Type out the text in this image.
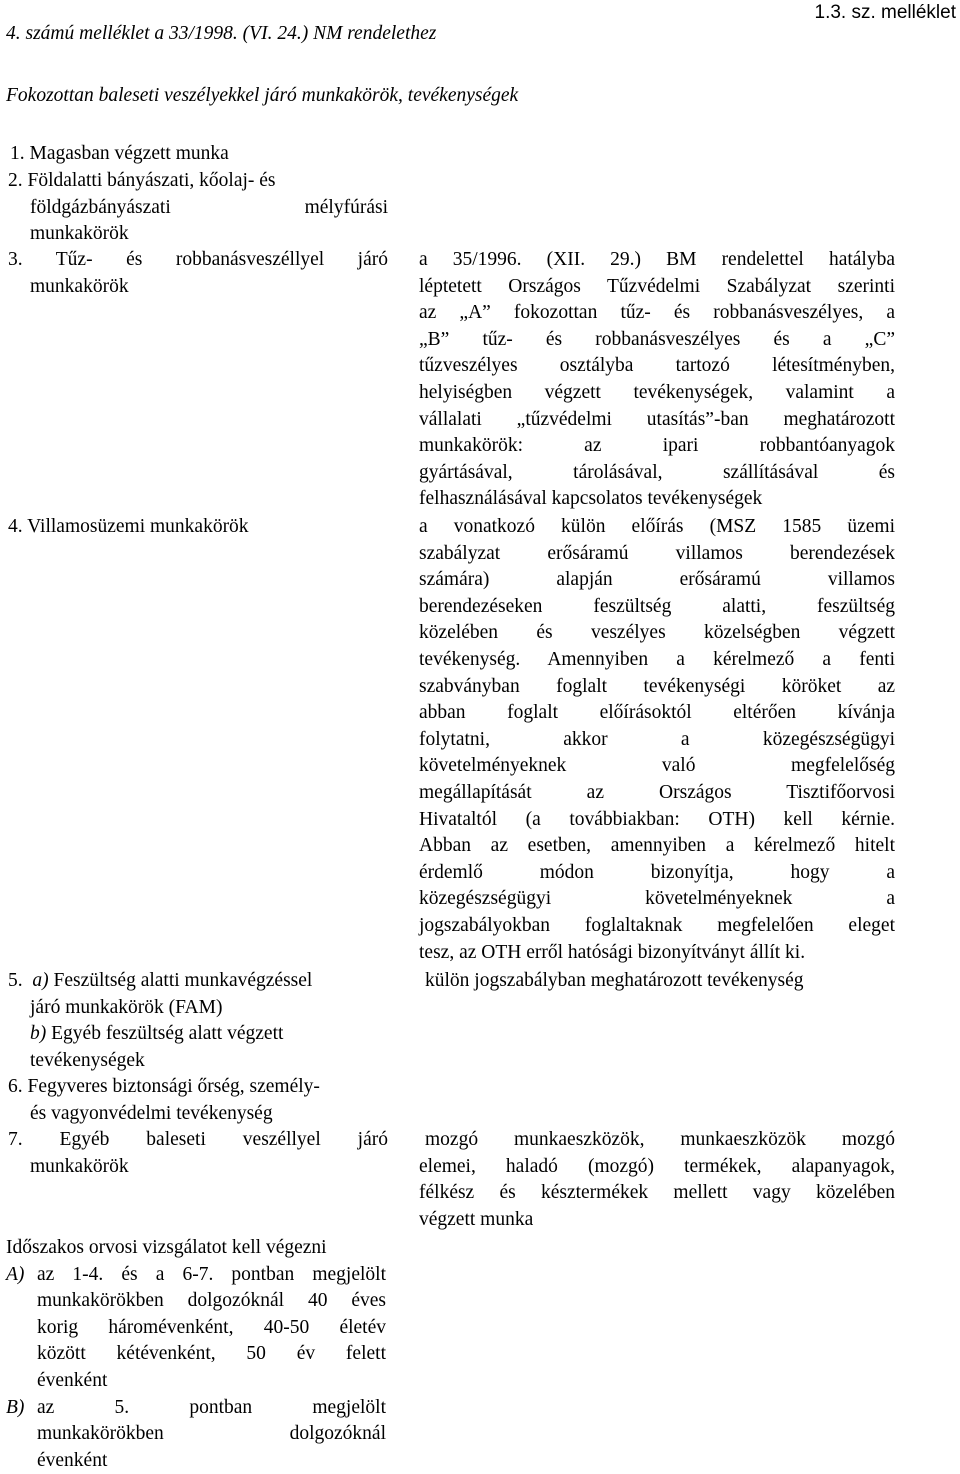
1.3. sz. melléklet
4. számú melléklet a 33/1998. (VI. 24.) NM rendelethez
Fokozottan baleseti veszélyekkel járó munkakörök, tevékenységek
1. Magasban végzett munka
2. Földalatti bányászati, kőolaj- és
földgázbányászati mélyfúrási
munkakörök
3. Tűz- és robbanásveszéllyel járó
munkakörök
a 35/1996. (XII. 29.) BM rendelettel hatályba
léptetett Országos Tűzvédelmi Szabályzat szerinti
az „A” fokozottan tűz- és robbanásveszélyes, a
„B” tűz- és robbanásveszélyes és a „C”
tűzveszélyes osztályba tartozó létesítményben,
helyiségben végzett tevékenységek, valamint a
vállalati „tűzvédelmi utasítás”-ban meghatározott
munkakörök: az ipari robbantóanyagok
gyártásával, tárolásával, szállításával és
felhasználásával kapcsolatos tevékenységek
4. Villamosüzemi munkakörök	a vonatkozó külön előírás (MSZ 1585 üzemi
szabályzat erősáramú villamos berendezések
számára) alapján erősáramú villamos
berendezéseken feszültség alatti, feszültség
közelében és veszélyes közelségben végzett
tevékenység. Amennyiben a kérelmező a fenti
szabványban foglalt tevékenységi köröket az
abban foglalt előírásoktól eltérően kívánja
folytatni, akkor a közegészségügyi
követelményeknek való megfelelőség
megállapítását az Országos Tisztifőorvosi
Hivataltól (a továbbiakban: OTH) kell kérnie.
Abban az esetben, amennyiben a kérelmező hitelt
érdemlő módon bizonyítja, hogy a
közegészségügyi követelményeknek a
jogszabályokban foglaltaknak megfelelően eleget
tesz, az OTH erről hatósági bizonyítványt állít ki.
5. a) Feszültség alatti munkavégzéssel
járó munkakörök (FAM)
b) Egyéb feszültség alatt végzett
tevékenységek
külön jogszabályban meghatározott tevékenység
6. Fegyveres biztonsági őrség, személy-
és vagyonvédelmi tevékenység
7. Egyéb baleseti veszéllyel járó
munkakörök
mozgó munkaeszközök, munkaeszközök mozgó
elemei, haladó (mozgó) termékek, alapanyagok,
félkész és késztermékek mellett vagy közelében
végzett munka
Időszakos orvosi vizsgálatot kell végezni
A) az 1-4. és a 6-7. pontban megjelölt
munkakörökben dolgozóknál 40 éves
korig háromévenként, 40-50 életév
között kétévenként, 50 év felett
évenként
B) az 5. pontban megjelölt
munkakörökben dolgozóknál
évenként
